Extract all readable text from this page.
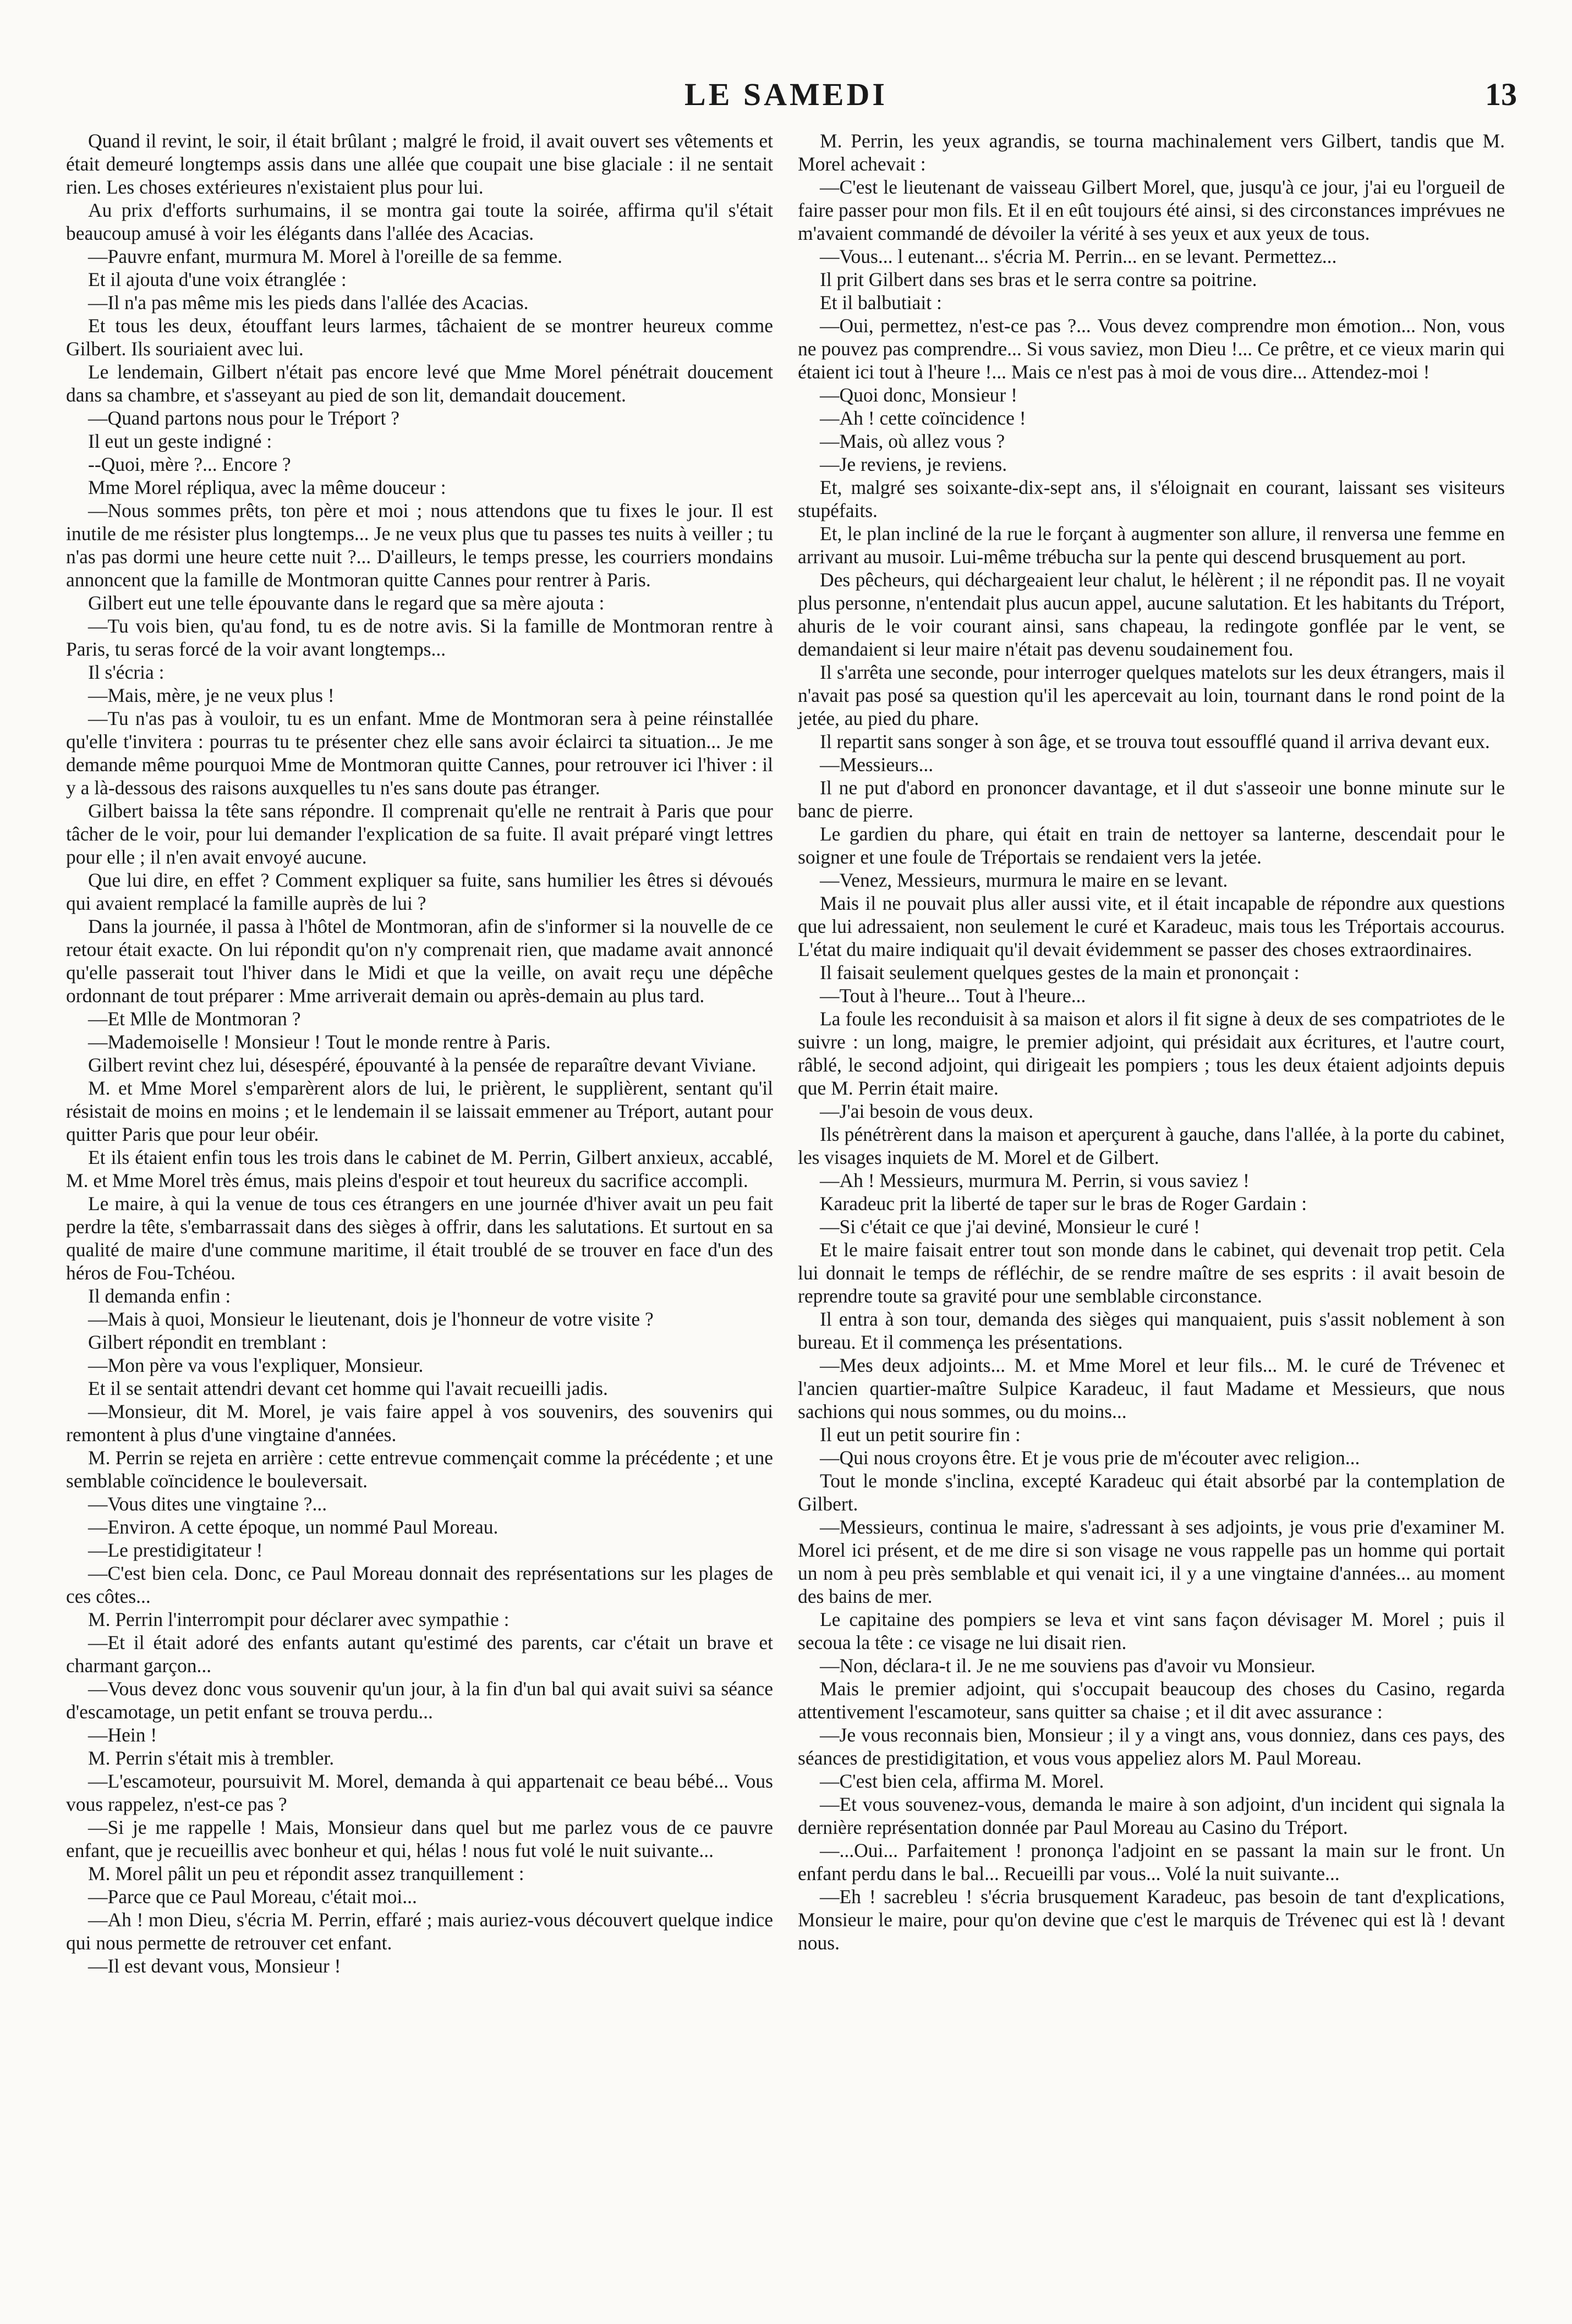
LE SAMEDI	13

Quand il revint, le soir, il était brûlant ; malgré le froid, il avait ouvert ses vêtements et était demeuré longtemps assis dans une allée que coupait une bise glaciale : il ne sentait rien. Les choses extérieures n'existaient plus pour lui.

Au prix d'efforts surhumains, il se montra gai toute la soirée, affirma qu'il s'était beaucoup amusé à voir les élégants dans l'allée des Acacias.

—Pauvre enfant, murmura M. Morel à l'oreille de sa femme.

Et il ajouta d'une voix étranglée :

—Il n'a pas même mis les pieds dans l'allée des Acacias.

Et tous les deux, étouffant leurs larmes, tâchaient de se montrer heureux comme Gilbert. Ils souriaient avec lui.

Le lendemain, Gilbert n'était pas encore levé que Mme Morel pénétrait doucement dans sa chambre, et s'asseyant au pied de son lit, demandait doucement.

—Quand partons nous pour le Tréport ?

Il eut un geste indigné :

--Quoi, mère ?... Encore ?

Mme Morel répliqua, avec la même douceur :

—Nous sommes prêts, ton père et moi ; nous attendons que tu fixes le jour. Il est inutile de me résister plus longtemps... Je ne veux plus que tu passes tes nuits à veiller ; tu n'as pas dormi une heure cette nuit ?... D'ailleurs, le temps presse, les courriers mondains annoncent que la famille de Montmoran quitte Cannes pour rentrer à Paris.

Gilbert eut une telle épouvante dans le regard que sa mère ajouta :

—Tu vois bien, qu'au fond, tu es de notre avis. Si la famille de Montmoran rentre à Paris, tu seras forcé de la voir avant longtemps...

Il s'écria :

—Mais, mère, je ne veux plus !

—Tu n'as pas à vouloir, tu es un enfant. Mme de Montmoran sera à peine réinstallée qu'elle t'invitera : pourras tu te présenter chez elle sans avoir éclairci ta situation... Je me demande même pourquoi Mme de Montmoran quitte Cannes, pour retrouver ici l'hiver : il y a là-dessous des raisons auxquelles tu n'es sans doute pas étranger.

Gilbert baissa la tête sans répondre. Il comprenait qu'elle ne rentrait à Paris que pour tâcher de le voir, pour lui demander l'explication de sa fuite. Il avait préparé vingt lettres pour elle ; il n'en avait envoyé aucune.

Que lui dire, en effet ? Comment expliquer sa fuite, sans humilier les êtres si dévoués qui avaient remplacé la famille auprès de lui ?

Dans la journée, il passa à l'hôtel de Montmoran, afin de s'informer si la nouvelle de ce retour était exacte. On lui répondit qu'on n'y comprenait rien, que madame avait annoncé qu'elle passerait tout l'hiver dans le Midi et que la veille, on avait reçu une dépêche ordonnant de tout préparer : Mme arriverait demain ou après-demain au plus tard.

—Et Mlle de Montmoran ?

—Mademoiselle ! Monsieur ! Tout le monde rentre à Paris.

Gilbert revint chez lui, désespéré, épouvanté à la pensée de reparaître devant Viviane.

M. et Mme Morel s'emparèrent alors de lui, le prièrent, le supplièrent, sentant qu'il résistait de moins en moins ; et le lendemain il se laissait emmener au Tréport, autant pour quitter Paris que pour leur obéir.

Et ils étaient enfin tous les trois dans le cabinet de M. Perrin, Gilbert anxieux, accablé, M. et Mme Morel très émus, mais pleins d'espoir et tout heureux du sacrifice accompli.

Le maire, à qui la venue de tous ces étrangers en une journée d'hiver avait un peu fait perdre la tête, s'embarrassait dans des sièges à offrir, dans les salutations. Et surtout en sa qualité de maire d'une commune maritime, il était troublé de se trouver en face d'un des héros de Fou-Tchéou.

Il demanda enfin :

—Mais à quoi, Monsieur le lieutenant, dois je l'honneur de votre visite ?

Gilbert répondit en tremblant :

—Mon père va vous l'expliquer, Monsieur.

Et il se sentait attendri devant cet homme qui l'avait recueilli jadis.

—Monsieur, dit M. Morel, je vais faire appel à vos souvenirs, des souvenirs qui remontent à plus d'une vingtaine d'années.

M. Perrin se rejeta en arrière : cette entrevue commençait comme la précédente ; et une semblable coïncidence le bouleversait.

—Vous dites une vingtaine ?...

—Environ. A cette époque, un nommé Paul Moreau.

—Le prestidigitateur !

—C'est bien cela. Donc, ce Paul Moreau donnait des représentations sur les plages de ces côtes...

M. Perrin l'interrompit pour déclarer avec sympathie :

—Et il était adoré des enfants autant qu'estimé des parents, car c'était un brave et charmant garçon...

—Vous devez donc vous souvenir qu'un jour, à la fin d'un bal qui avait suivi sa séance d'escamotage, un petit enfant se trouva perdu...

—Hein !

M. Perrin s'était mis à trembler.

—L'escamoteur, poursuivit M. Morel, demanda à qui appartenait ce beau bébé... Vous vous rappelez, n'est-ce pas ?

—Si je me rappelle ! Mais, Monsieur dans quel but me parlez vous de ce pauvre enfant, que je recueillis avec bonheur et qui, hélas ! nous fut volé le nuit suivante...

M. Morel pâlit un peu et répondit assez tranquillement :

—Parce que ce Paul Moreau, c'était moi...

—Ah ! mon Dieu, s'écria M. Perrin, effaré ; mais auriez-vous découvert quelque indice qui nous permette de retrouver cet enfant.

—Il est devant vous, Monsieur !

M. Perrin, les yeux agrandis, se tourna machinalement vers Gilbert, tandis que M. Morel achevait :

—C'est le lieutenant de vaisseau Gilbert Morel, que, jusqu'à ce jour, j'ai eu l'orgueil de faire passer pour mon fils. Et il en eût toujours été ainsi, si des circonstances imprévues ne m'avaient commandé de dévoiler la vérité à ses yeux et aux yeux de tous.

—Vous... l eutenant... s'écria M. Perrin... en se levant. Permettez...

Il prit Gilbert dans ses bras et le serra contre sa poitrine.

Et il balbutiait :

—Oui, permettez, n'est-ce pas ?... Vous devez comprendre mon émotion... Non, vous ne pouvez pas comprendre... Si vous saviez, mon Dieu !... Ce prêtre, et ce vieux marin qui étaient ici tout à l'heure !... Mais ce n'est pas à moi de vous dire... Attendez-moi !

—Quoi donc, Monsieur !

—Ah ! cette coïncidence !

—Mais, où allez vous ?

—Je reviens, je reviens.

Et, malgré ses soixante-dix-sept ans, il s'éloignait en courant, laissant ses visiteurs stupéfaits.

Et, le plan incliné de la rue le forçant à augmenter son allure, il renversa une femme en arrivant au musoir. Lui-même trébucha sur la pente qui descend brusquement au port.

Des pêcheurs, qui déchargeaient leur chalut, le hélèrent ; il ne répondit pas. Il ne voyait plus personne, n'entendait plus aucun appel, aucune salutation. Et les habitants du Tréport, ahuris de le voir courant ainsi, sans chapeau, la redingote gonflée par le vent, se demandaient si leur maire n'était pas devenu soudainement fou.

Il s'arrêta une seconde, pour interroger quelques matelots sur les deux étrangers, mais il n'avait pas posé sa question qu'il les apercevait au loin, tournant dans le rond point de la jetée, au pied du phare.

Il repartit sans songer à son âge, et se trouva tout essoufflé quand il arriva devant eux.

—Messieurs...

Il ne put d'abord en prononcer davantage, et il dut s'asseoir une bonne minute sur le banc de pierre.

Le gardien du phare, qui était en train de nettoyer sa lanterne, descendait pour le soigner et une foule de Tréportais se rendaient vers la jetée.

—Venez, Messieurs, murmura le maire en se levant.

Mais il ne pouvait plus aller aussi vite, et il était incapable de répondre aux questions que lui adressaient, non seulement le curé et Karadeuc, mais tous les Tréportais accourus. L'état du maire indiquait qu'il devait évidemment se passer des choses extraordinaires.

Il faisait seulement quelques gestes de la main et prononçait :

—Tout à l'heure... Tout à l'heure...

La foule les reconduisit à sa maison et alors il fit signe à deux de ses compatriotes de le suivre : un long, maigre, le premier adjoint, qui présidait aux écritures, et l'autre court, râblé, le second adjoint, qui dirigeait les pompiers ; tous les deux étaient adjoints depuis que M. Perrin était maire.

—J'ai besoin de vous deux.

Ils pénétrèrent dans la maison et aperçurent à gauche, dans l'allée, à la porte du cabinet, les visages inquiets de M. Morel et de Gilbert.

—Ah ! Messieurs, murmura M. Perrin, si vous saviez !

Karadeuc prit la liberté de taper sur le bras de Roger Gardain :

—Si c'était ce que j'ai deviné, Monsieur le curé !

Et le maire faisait entrer tout son monde dans le cabinet, qui devenait trop petit. Cela lui donnait le temps de réfléchir, de se rendre maître de ses esprits : il avait besoin de reprendre toute sa gravité pour une semblable circonstance.

Il entra à son tour, demanda des sièges qui manquaient, puis s'assit noblement à son bureau. Et il commença les présentations.

—Mes deux adjoints... M. et Mme Morel et leur fils... M. le curé de Trévenec et l'ancien quartier-maître Sulpice Karadeuc, il faut Madame et Messieurs, que nous sachions qui nous sommes, ou du moins...

Il eut un petit sourire fin :

—Qui nous croyons être. Et je vous prie de m'écouter avec religion...

Tout le monde s'inclina, excepté Karadeuc qui était absorbé par la contemplation de Gilbert.

—Messieurs, continua le maire, s'adressant à ses adjoints, je vous prie d'examiner M. Morel ici présent, et de me dire si son visage ne vous rappelle pas un homme qui portait un nom à peu près semblable et qui venait ici, il y a une vingtaine d'années... au moment des bains de mer.

Le capitaine des pompiers se leva et vint sans façon dévisager M. Morel ; puis il secoua la tête : ce visage ne lui disait rien.

—Non, déclara-t il. Je ne me souviens pas d'avoir vu Monsieur.

Mais le premier adjoint, qui s'occupait beaucoup des choses du Casino, regarda attentivement l'escamoteur, sans quitter sa chaise ; et il dit avec assurance :

—Je vous reconnais bien, Monsieur ; il y a vingt ans, vous donniez, dans ces pays, des séances de prestidigitation, et vous vous appeliez alors M. Paul Moreau.

—C'est bien cela, affirma M. Morel.

—Et vous souvenez-vous, demanda le maire à son adjoint, d'un incident qui signala la dernière représentation donnée par Paul Moreau au Casino du Tréport.

—...Oui... Parfaitement ! prononça l'adjoint en se passant la main sur le front. Un enfant perdu dans le bal... Recueilli par vous... Volé la nuit suivante...

—Eh ! sacrebleu ! s'écria brusquement Karadeuc, pas besoin de tant d'explications, Monsieur le maire, pour qu'on devine que c'est le marquis de Trévenec qui est là ! devant nous.
